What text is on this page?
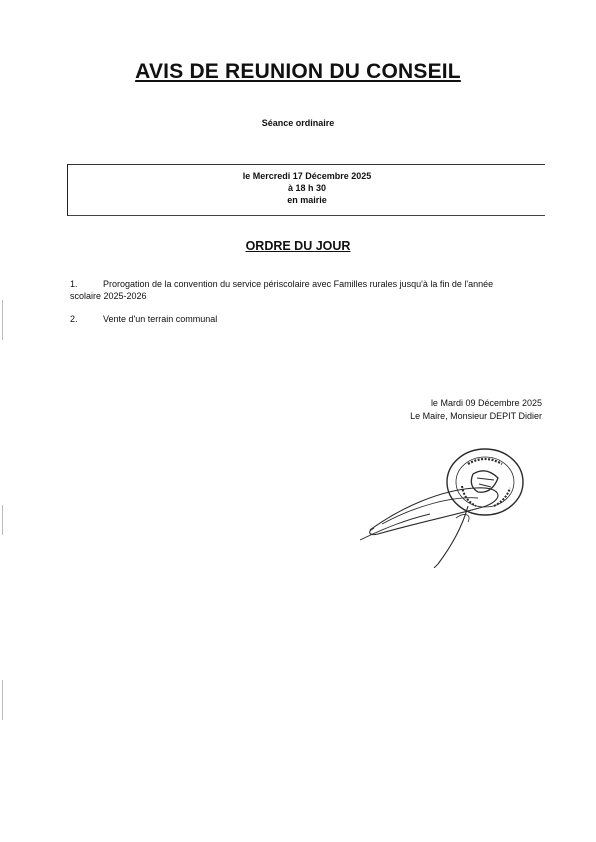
AVIS DE REUNION DU CONSEIL
Séance ordinaire
le Mercredi 17 Décembre 2025
à 18 h 30
en mairie
ORDRE DU JOUR
1.	Prorogation de la convention du service périscolaire avec Familles rurales jusqu'à la fin de l'année
scolaire 2025-2026
2.	Vente d'un terrain communal
le Mardi 09 Décembre 2025
Le Maire, Monsieur DEPIT Didier
